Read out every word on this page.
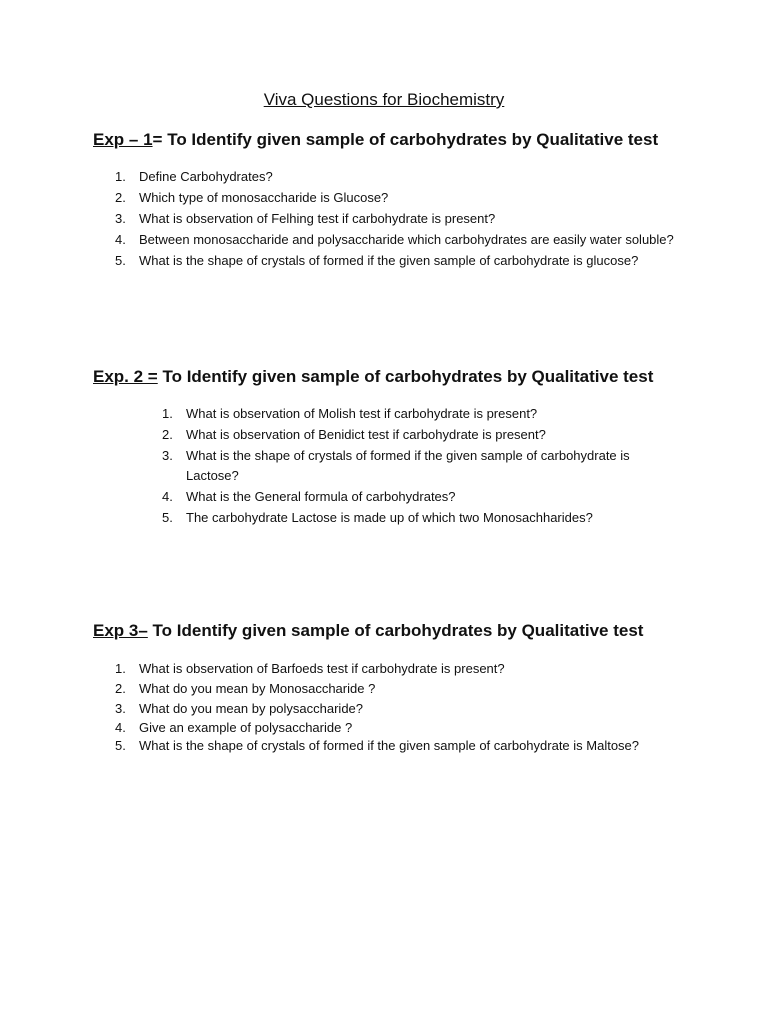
Viva Questions for Biochemistry

Exp – 1= To Identify given sample of carbohydrates by Qualitative test

1. Define Carbohydrates?
2. Which type of monosaccharide is Glucose?
3. What is observation of Felhing test if carbohydrate is present?
4. Between monosaccharide and polysaccharide which carbohydrates are easily water soluble?
5. What is the shape of crystals of formed if the given sample of carbohydrate is glucose?

Exp. 2 = To Identify given sample of carbohydrates by Qualitative test

1. What is observation of Molish test if carbohydrate is present?
2. What is observation of Benidict test if carbohydrate is present?
3. What is the shape of crystals of formed if the given sample of carbohydrate is Lactose?
4. What is the General formula of carbohydrates?
5. The carbohydrate Lactose is made up of which two Monosachharides?

Exp 3– To Identify given sample of carbohydrates by Qualitative test

1. What is observation of Barfoeds test if carbohydrate is present?
2. What do you mean by Monosaccharide ?
3. What do you mean by polysaccharide?
4. Give an example of polysaccharide ?
5. What is the shape of crystals of formed if the given sample of carbohydrate is Maltose?
